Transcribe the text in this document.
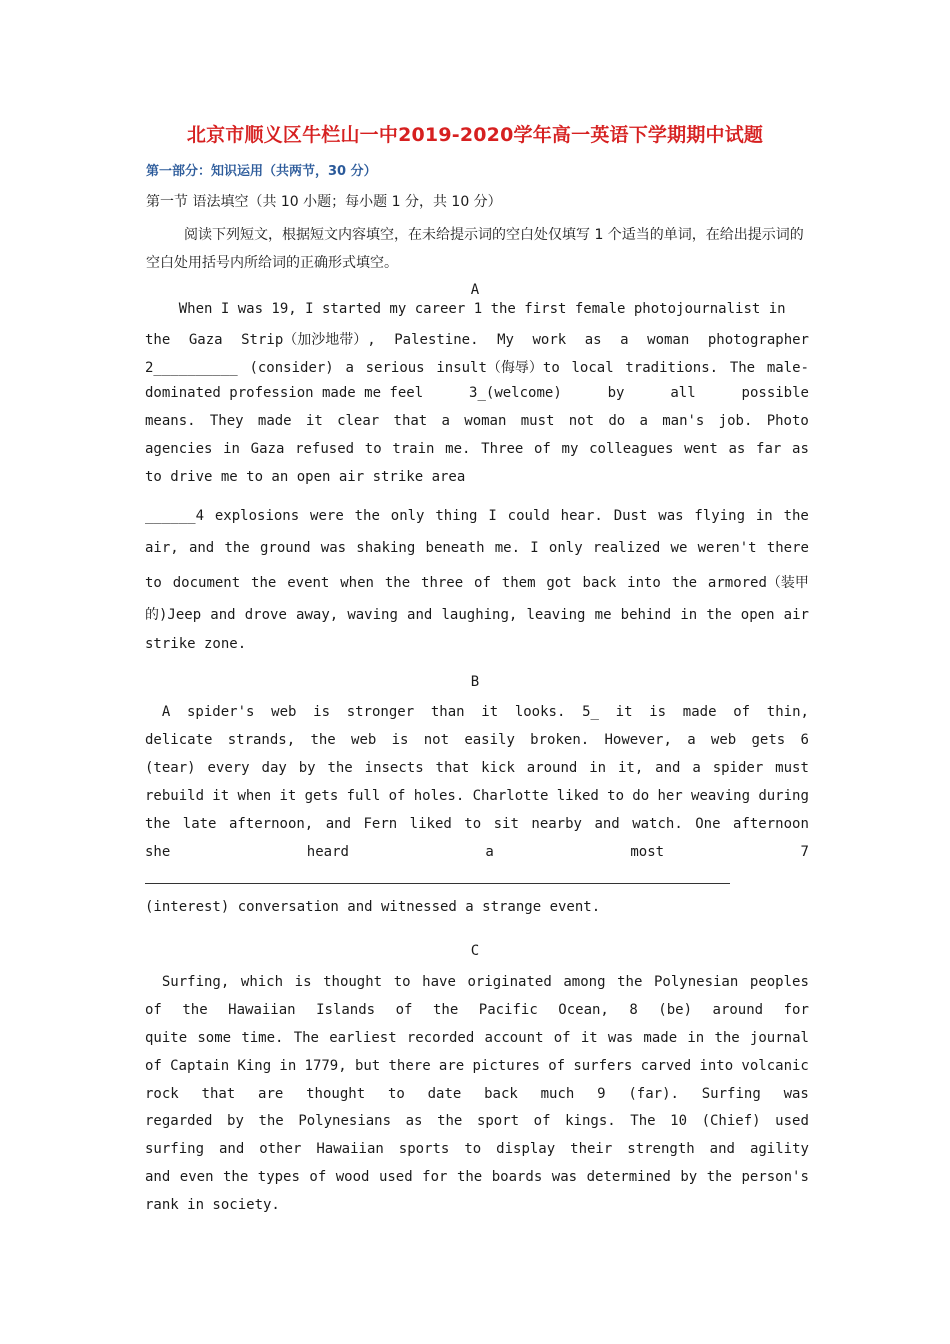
北京市顺义区牛栏山一中2019-2020学年高一英语下学期期中试题
第一部分：知识运用（共两节，30 分）
第一节 语法填空（共 10 小题；每小题 1 分，共 10 分）
阅读下列短文，根据短文内容填空，在未给提示词的空白处仅填写 1 个适当的单词，在给出提示词的空白处用括号内所给词的正确形式填空。
A
When I was 19, I started my career 1 the first female photojournalist in
the Gaza Strip（加沙地带）, Palestine. My work as a woman photographer
2__________ (consider) a serious insult（侮辱）to local traditions. The male-
dominated profession made me feel	3_(welcome)	by	all	possible
means. They made it clear that a woman must not do a man's job. Photo
agencies in Gaza refused to train me. Three of my colleagues went as far as
to drive me to an open air strike area
______4 explosions were the only thing I could hear. Dust was flying in the
air, and the ground was shaking beneath me. I only realized we weren't there
to document the event when the three of them got back into the armored（装甲
的)Jeep and drove away, waving and laughing, leaving me behind in the open air
strike zone.
B
A spider's web is stronger than it looks. 5_ it is made of thin,
delicate strands, the web is not easily broken. However, a web gets 6
(tear) every day by the insects that kick around in it, and a spider must
rebuild it when it gets full of holes. Charlotte liked to do her weaving during
the late afternoon, and Fern liked to sit nearby and watch. One afternoon
she	heard	a	most	7
(interest) conversation and witnessed a strange event.
C
Surfing, which is thought to have originated among the Polynesian peoples
of the Hawaiian Islands of the Pacific Ocean, 8 (be) around for
quite some time. The earliest recorded account of it was made in the journal
of Captain King in 1779, but there are pictures of surfers carved into volcanic
rock that are thought to date back much 9 (far). Surfing was
regarded by the Polynesians as the sport of kings. The 10 (Chief) used
surfing and other Hawaiian sports to display their strength and agility
and even the types of wood used for the boards was determined by the person's
rank in society.
